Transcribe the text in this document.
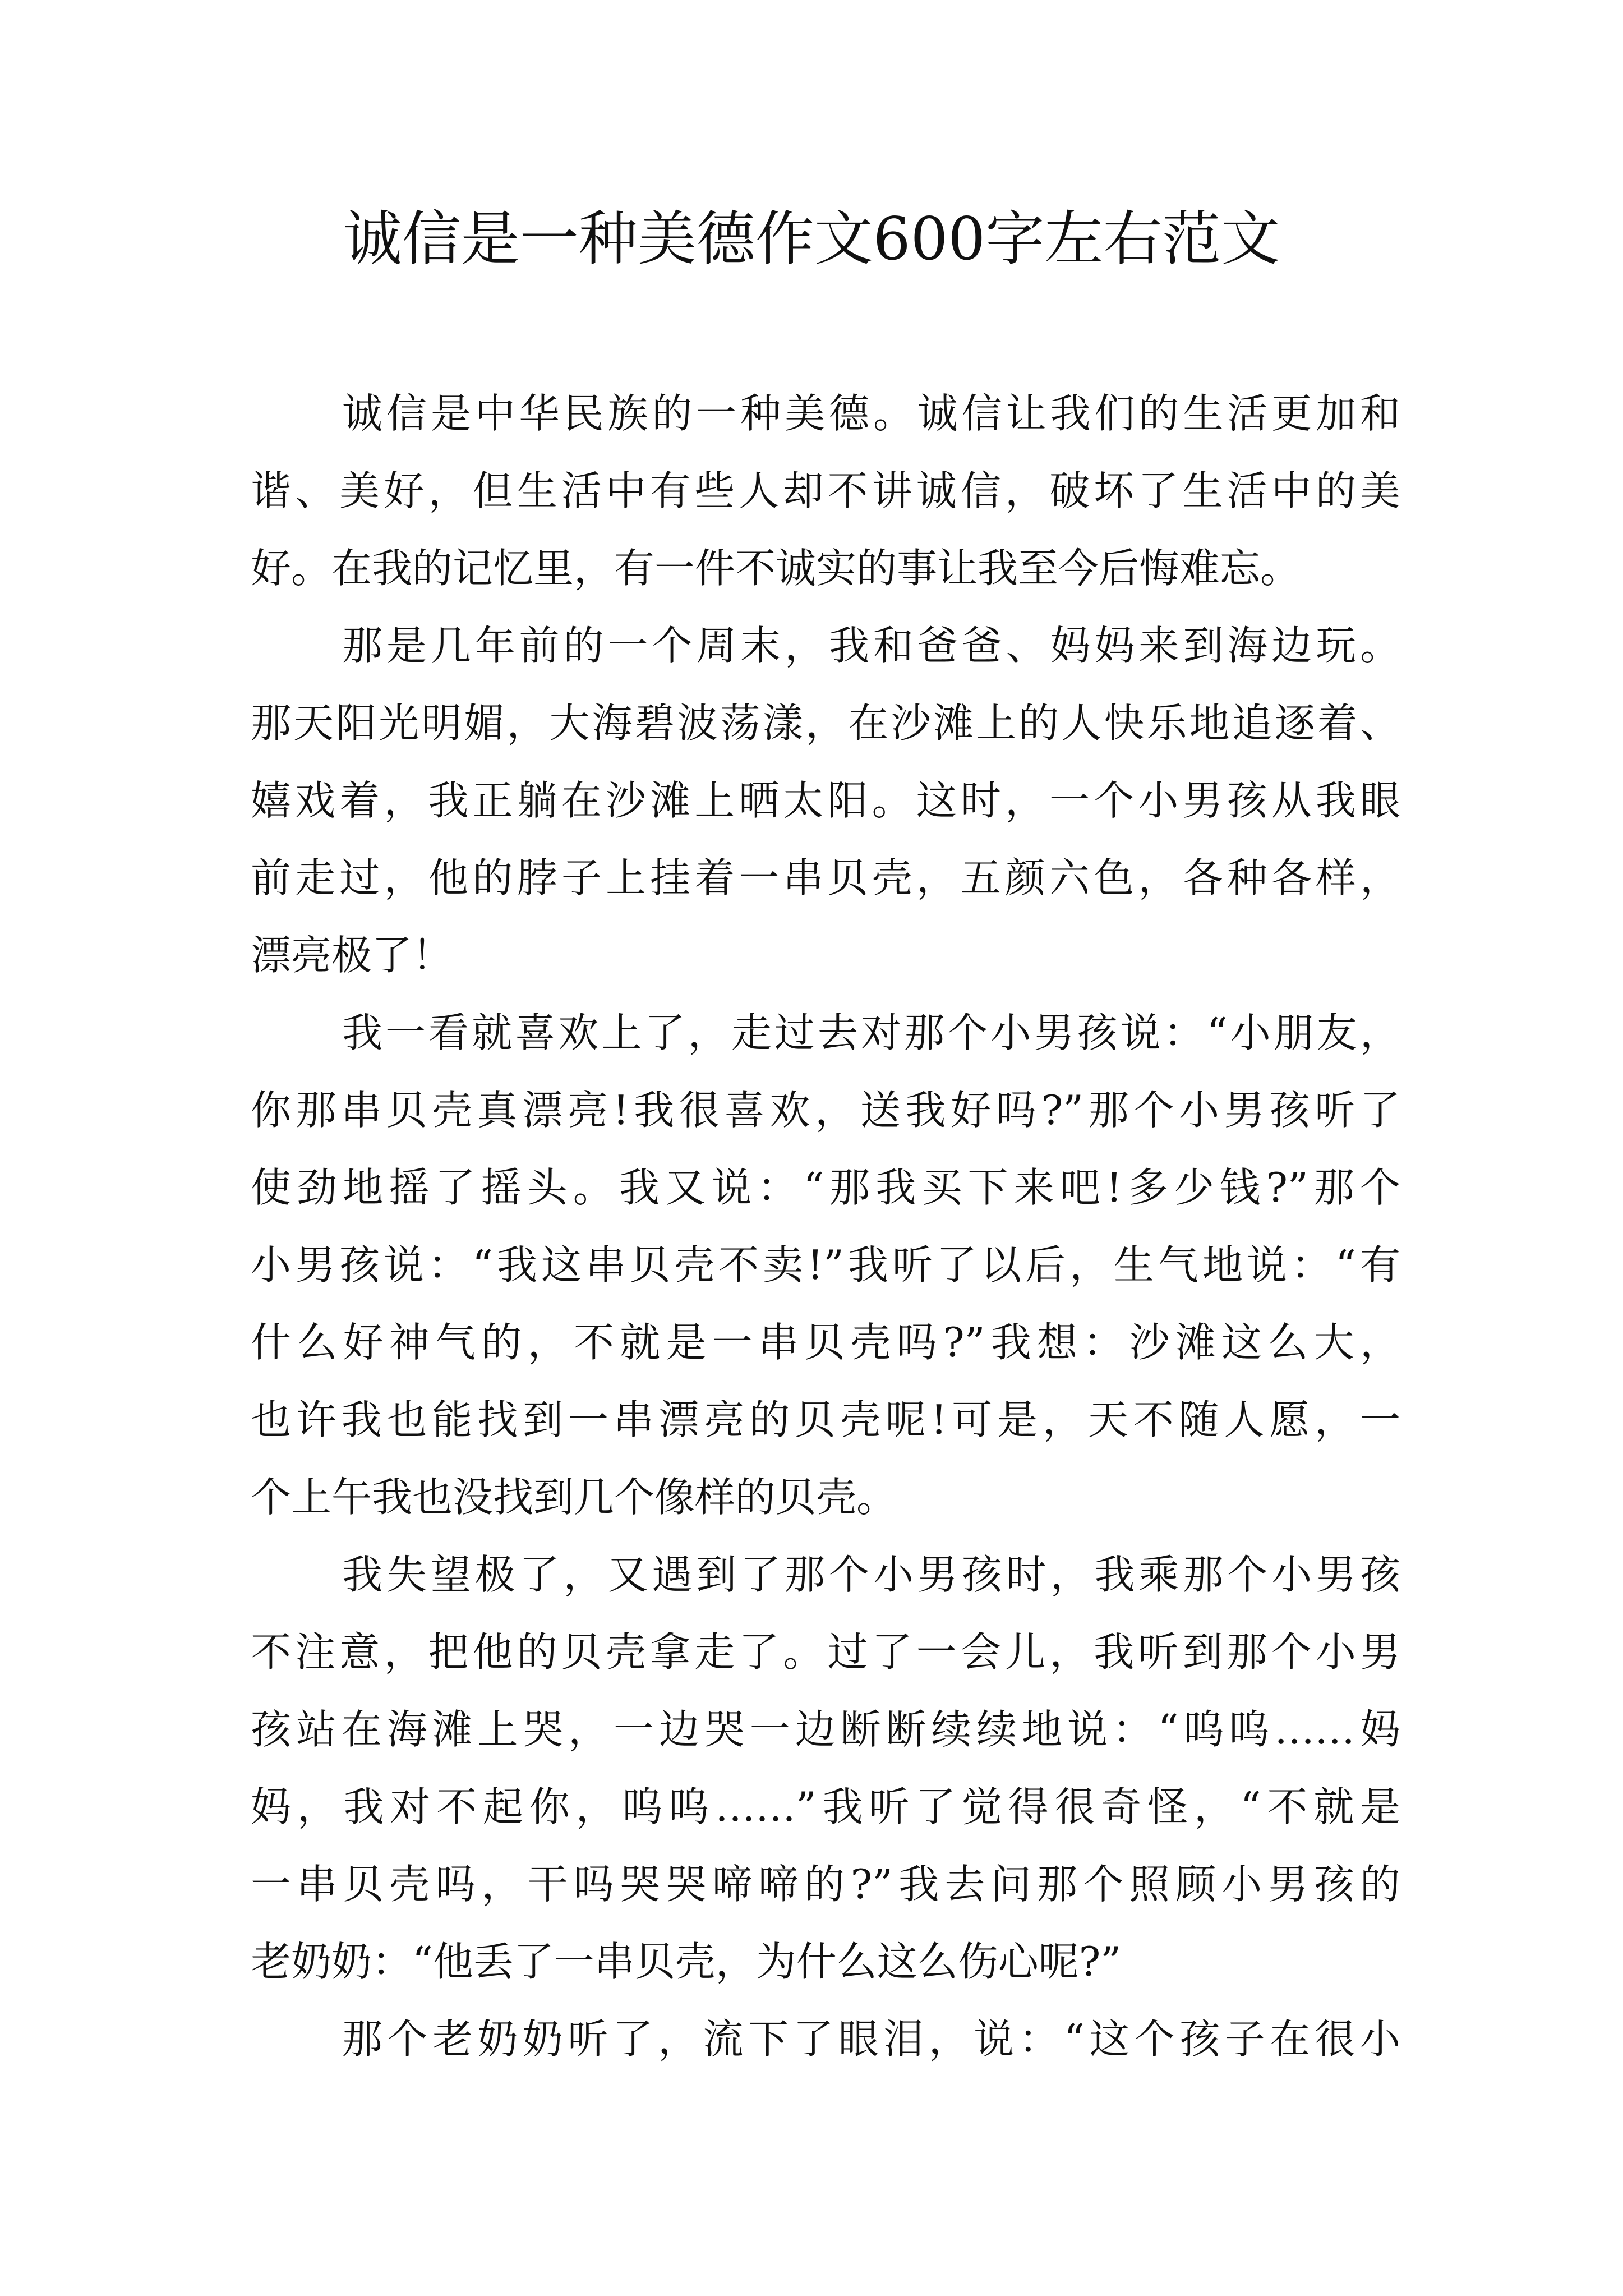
诚信是一种美德作文600字左右范文
诚信是中华民族的一种美德。诚信让我们的生活更加和
谐、美好，但生活中有些人却不讲诚信，破坏了生活中的美
好。在我的记忆里，有一件不诚实的事让我至今后悔难忘。
那是几年前的一个周末，我和爸爸、妈妈来到海边玩。
那天阳光明媚，大海碧波荡漾，在沙滩上的人快乐地追逐着、
嬉戏着，我正躺在沙滩上晒太阳。这时，一个小男孩从我眼
前走过，他的脖子上挂着一串贝壳，五颜六色，各种各样，
漂亮极了！
我一看就喜欢上了，走过去对那个小男孩说：“小朋友，
你那串贝壳真漂亮!我很喜欢，送我好吗?”那个小男孩听了
使劲地摇了摇头。我又说：“那我买下来吧!多少钱?”那个
小男孩说：“我这串贝壳不卖!”我听了以后，生气地说：“有
什么好神气的，不就是一串贝壳吗?”我想：沙滩这么大，
也许我也能找到一串漂亮的贝壳呢!可是，天不随人愿，一
个上午我也没找到几个像样的贝壳。
我失望极了，又遇到了那个小男孩时，我乘那个小男孩
不注意，把他的贝壳拿走了。过了一会儿，我听到那个小男
孩站在海滩上哭，一边哭一边断断续续地说：“呜呜……妈
妈，我对不起你，呜呜……”我听了觉得很奇怪，“不就是
一串贝壳吗，干吗哭哭啼啼的?”我去问那个照顾小男孩的
老奶奶：“他丢了一串贝壳，为什么这么伤心呢?”
那个老奶奶听了，流下了眼泪，说：“这个孩子在很小
